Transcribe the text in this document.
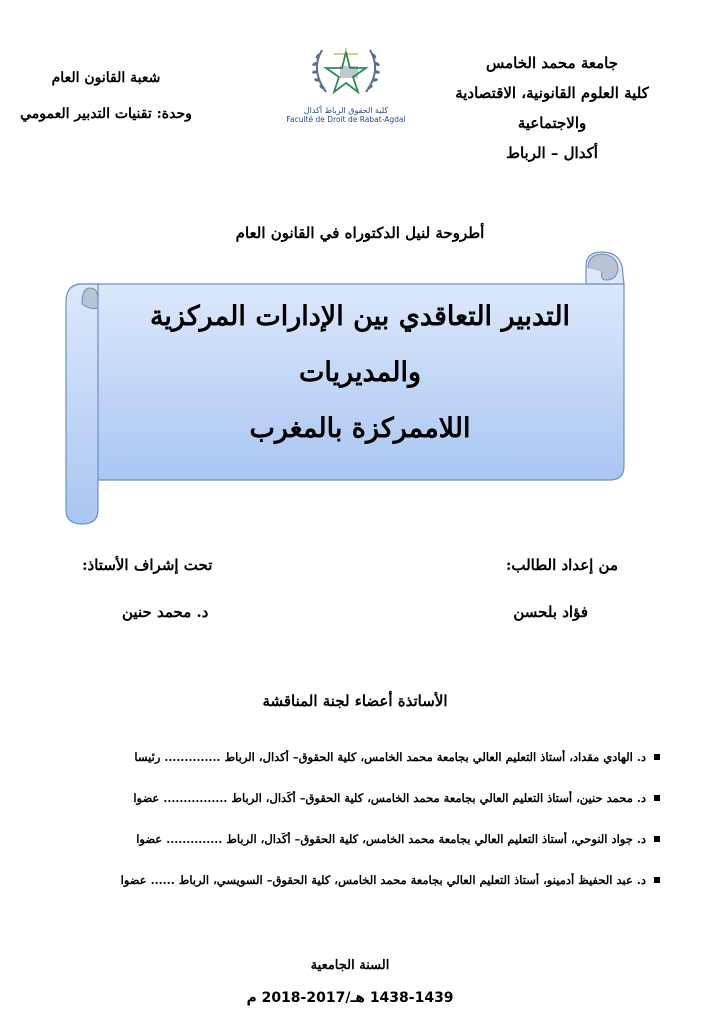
جامعة محمد الخامس
كلية العلوم القانونية، الاقتصادية والاجتماعية
أكدال – الرباط
كلية الحقوق الرباط أكدال
Faculté de Droit de Rabat-Agdal
شعبة القانون العام
وحدة: تقنيات التدبير العمومي
أطروحة لنيل الدكتوراه في القانون العام
التدبير التعاقدي بين الإدارات المركزية والمديريات
اللاممركزة بالمغرب
من إعداد الطالب:
فؤاد بلحسن
تحت إشراف الأستاذ:
د. محمد حنين
الأساتذة أعضاء لجنة المناقشة
د. الهادي مقداد، أستاذ التعليم العالي بجامعة محمد الخامس، كلية الحقوق– أكدال، الرباط .............. رئيسا
د. محمد حنين، أستاذ التعليم العالي بجامعة محمد الخامس، كلية الحقوق– أكَدال، الرباط ................ عضوا
د. جواد النوحي، أستاذ التعليم العالي بجامعة محمد الخامس، كلية الحقوق– أكَدال، الرباط .............. عضوا
د. عبد الحفيظ أدمينو، أستاذ التعليم العالي بجامعة محمد الخامس، كلية الحقوق– السويسي، الرباط ...... عضوا
السنة الجامعية
1438-1439 هـ/2017-2018 م
